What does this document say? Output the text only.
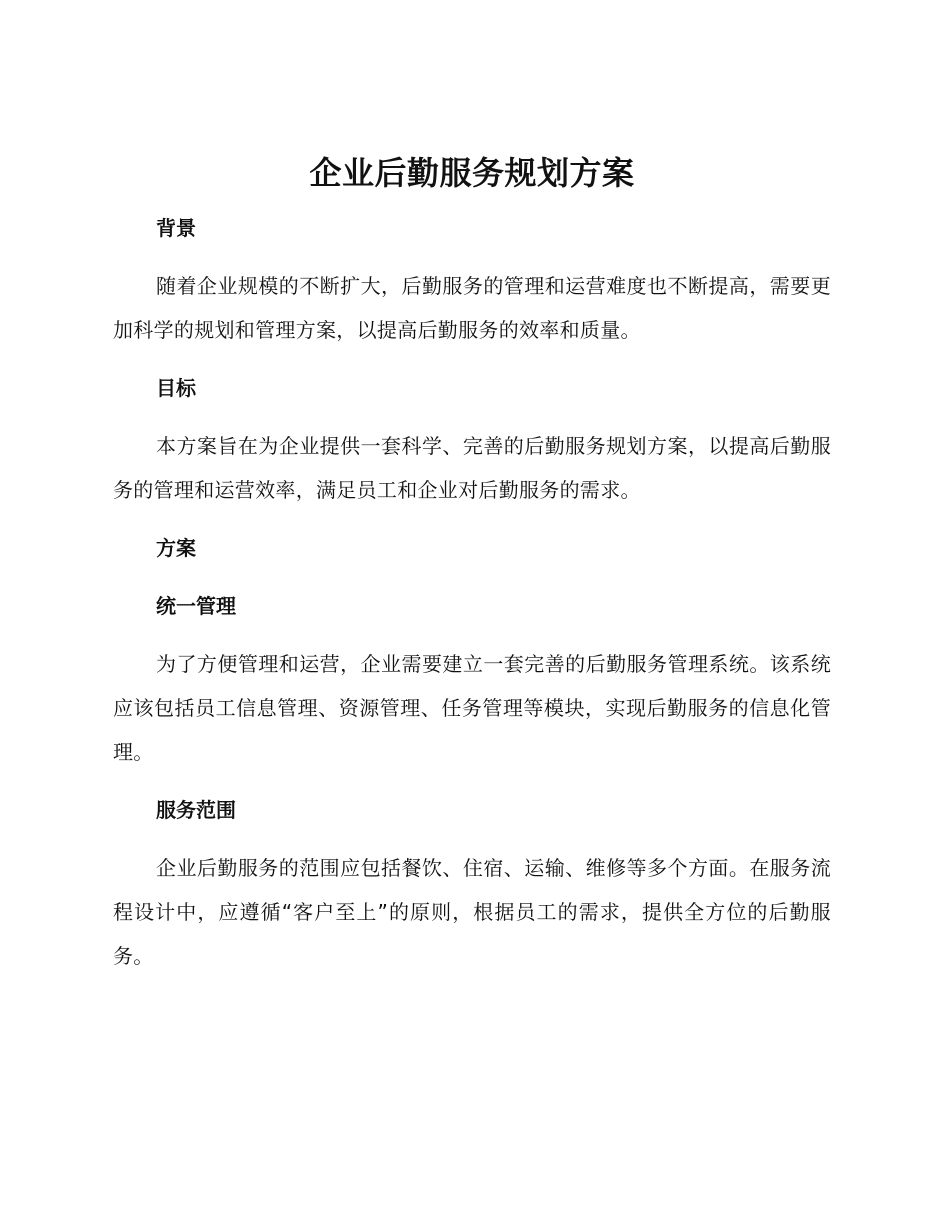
企业后勤服务规划方案
背景

随着企业规模的不断扩大，后勤服务的管理和运营难度也不断提高，需要更加科学的规划和管理方案，以提高后勤服务的效率和质量。

目标

本方案旨在为企业提供一套科学、完善的后勤服务规划方案，以提高后勤服务的管理和运营效率，满足员工和企业对后勤服务的需求。

方案
统一管理

为了方便管理和运营，企业需要建立一套完善的后勤服务管理系统。该系统应该包括员工信息管理、资源管理、任务管理等模块，实现后勤服务的信息化管理。

服务范围

企业后勤服务的范围应包括餐饮、住宿、运输、维修等多个方面。在服务流程设计中，应遵循“客户至上”的原则，根据员工的需求，提供全方位的后勤服务。
